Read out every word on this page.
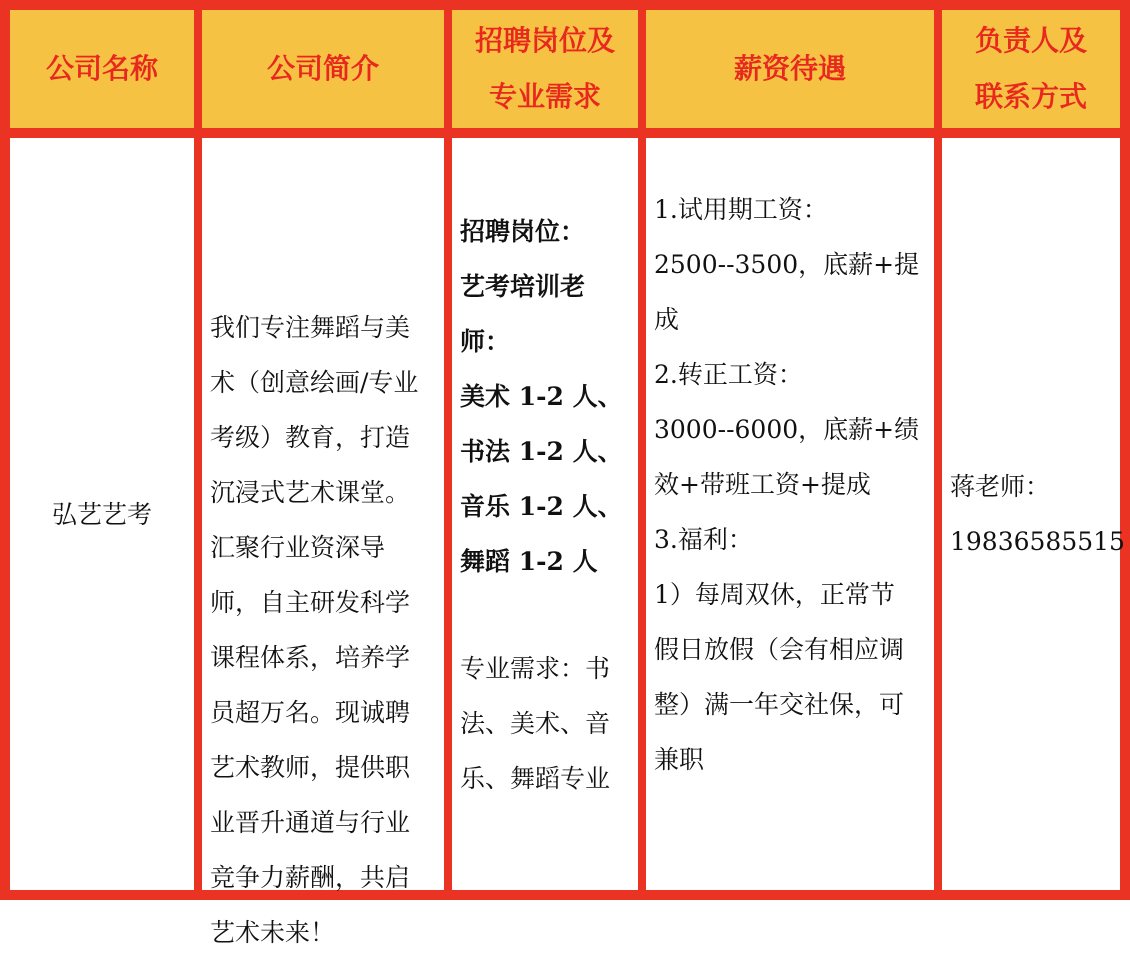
公司名称	公司简介
招聘岗位及
专业需求
薪资待遇
负责人及
联系方式
弘艺艺考
我们专注舞蹈与美
术（创意绘画/专业
考级）教育，打造
沉浸式艺术课堂。
汇聚行业资深导
师，自主研发科学
课程体系，培养学
员超万名。现诚聘
艺术教师，提供职
业晋升通道与行业
竞争力薪酬，共启
艺术未来！
招聘岗位：
艺考培训老
师：
美术 1-2 人、
书法 1-2 人、
音乐 1-2 人、
舞蹈 1-2 人
专业需求：书
法、美术、音
乐、舞蹈专业
1.试用期工资：
2500--3500，底薪+提
成
2.转正工资：
3000--6000，底薪+绩
效+带班工资+提成
3.福利：
1）每周双休，正常节
假日放假（会有相应调
整）满一年交社保，可
兼职
蒋老师：
19836585515
